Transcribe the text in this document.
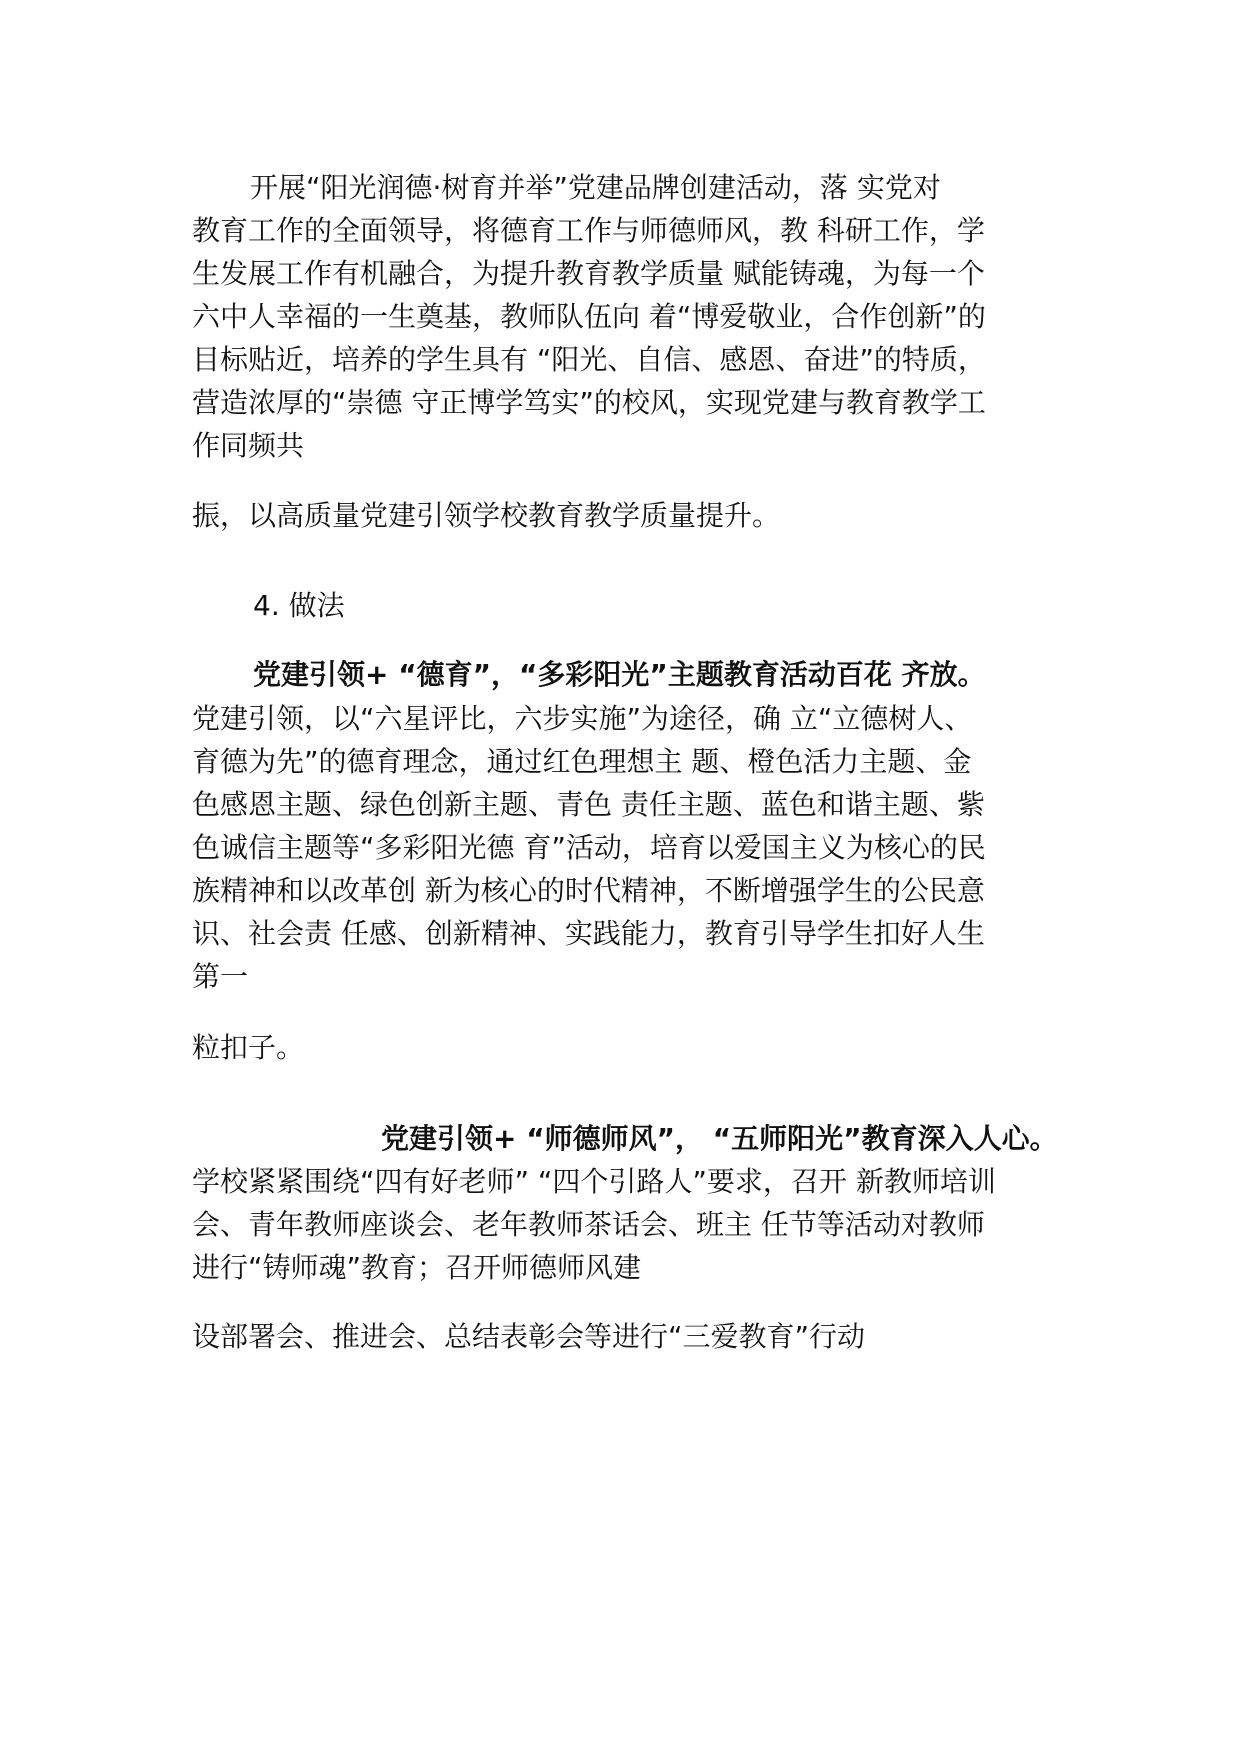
开展“阳光润德·树育并举”党建品牌创建活动，落 实党对
教育工作的全面领导，将德育工作与师德师风，教 科研工作，学
生发展工作有机融合，为提升教育教学质量 赋能铸魂，为每一个
六中人幸福的一生奠基，教师队伍向 着“博爱敬业，合作创新”的
目标贴近，培养的学生具有 “阳光、自信、感恩、奋进”的特质，
营造浓厚的“崇德 守正博学笃实”的校风，实现党建与教育教学工
作同频共
振，以高质量党建引领学校教育教学质量提升。
4. 做法
党建引领+ “德育”，“多彩阳光”主题教育活动百花 齐放。
党建引领，以“六星评比，六步实施”为途径，确 立“立德树人、
育德为先”的德育理念，通过红色理想主 题、橙色活力主题、金
色感恩主题、绿色创新主题、青色 责任主题、蓝色和谐主题、紫
色诚信主题等“多彩阳光德 育”活动，培育以爱国主义为核心的民
族精神和以改革创 新为核心的时代精神，不断增强学生的公民意
识、社会责 任感、创新精神、实践能力，教育引导学生扣好人生
第一
粒扣子。
党建引领+ “师德师风”， “五师阳光”教育深入人心。
学校紧紧围绕“四有好老师” “四个引路人”要求，召开 新教师培训
会、青年教师座谈会、老年教师茶话会、班主 任节等活动对教师
进行“铸师魂”教育；召开师德师风建
设部署会、推进会、总结表彰会等进行“三爱教育”行动
